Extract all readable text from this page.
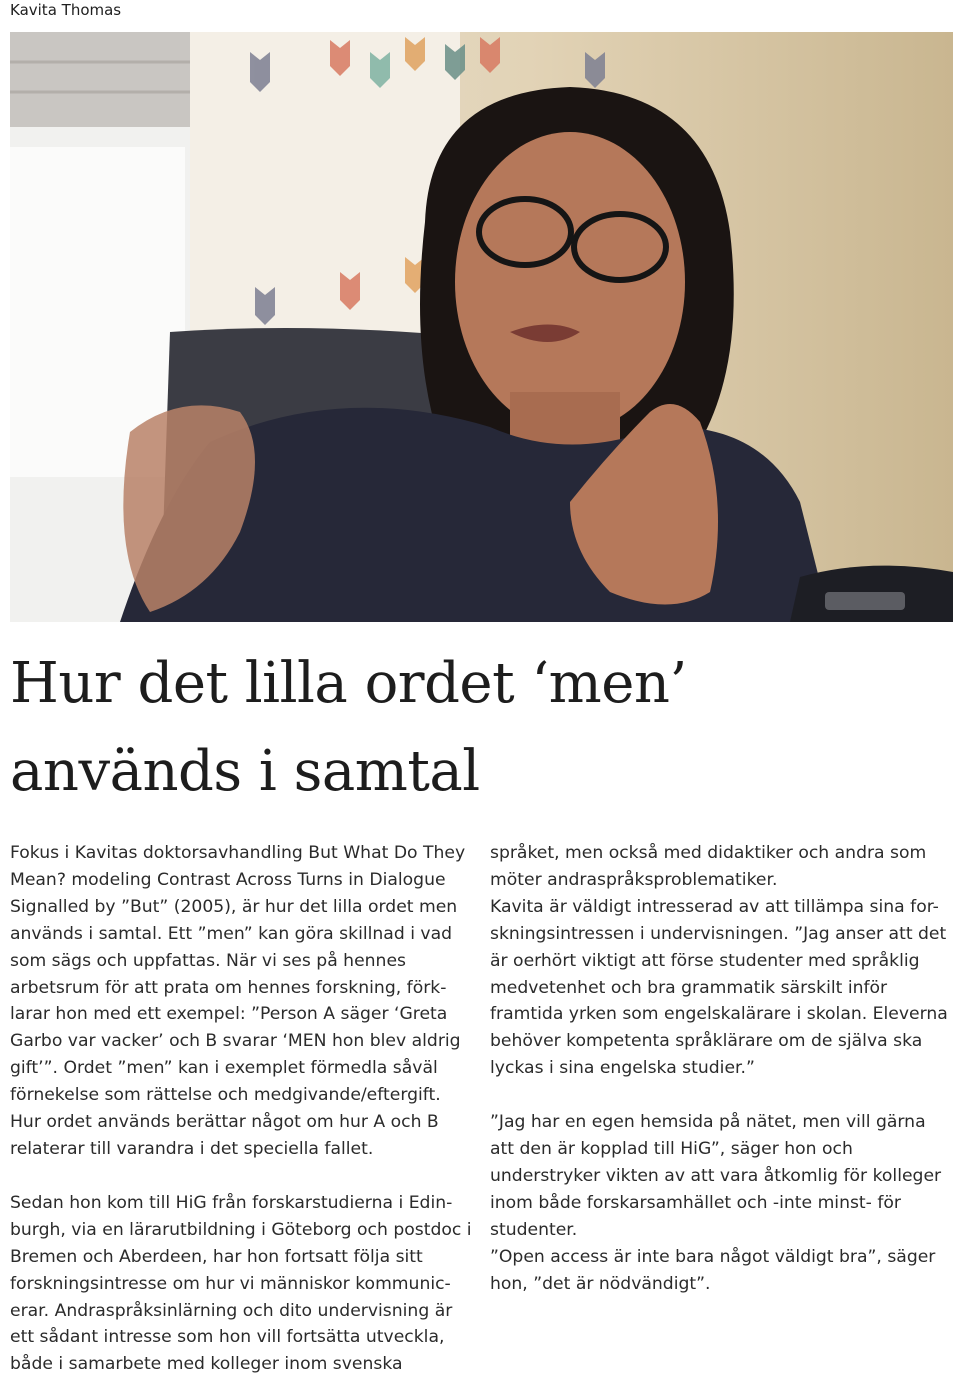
Kavita Thomas
Hur det lilla ordet ‘men’
används i samtal

Fokus i Kavitas doktorsavhandling But What Do They Mean? modeling Contrast Across Turns in Dialogue Signalled by ”But” (2005), är hur det lilla ordet men används i samtal. Ett ”men” kan göra skillnad i vad som sägs och uppfattas. När vi ses på hennes arbetsrum för att prata om hennes forskning, förk-larar hon med ett exempel: ”Person A säger ‘Greta Garbo var vacker’ och B svarar ‘MEN hon blev aldrig gift’”. Ordet ”men” kan i exemplet förmedla såväl förnekelse som rättelse och medgivande/eftergift. Hur ordet används berättar något om hur A och B relaterar till varandra i det speciella fallet.

Sedan hon kom till HiG från forskarstudierna i Edin-burgh, via en lärarutbildning i Göteborg och postdoc i Bremen och Aberdeen, har hon fortsatt följa sitt forskningsintresse om hur vi människor kommunic-erar. Andraspråksinlärning och dito undervisning är ett sådant intresse som hon vill fortsätta utveckla, både i samarbete med kolleger inom svenska

språket, men också med didaktiker och andra som möter andraspråksproblematiker.

Kavita är väldigt intresserad av att tillämpa sina for-skningsintressen i undervisningen. ”Jag anser att det är oerhört viktigt att förse studenter med språklig medvetenhet och bra grammatik särskilt inför framtida yrken som engelskalärare i skolan. Eleverna behöver kompetenta språklärare om de själva ska lyckas i sina engelska studier.”

”Jag har en egen hemsida på nätet, men vill gärna att den är kopplad till HiG”, säger hon och understryker vikten av att vara åtkomlig för kolleger inom både forskarsamhället och -inte minst- för studenter.

”Open access är inte bara något väldigt bra”, säger hon, ”det är nödvändigt”.
